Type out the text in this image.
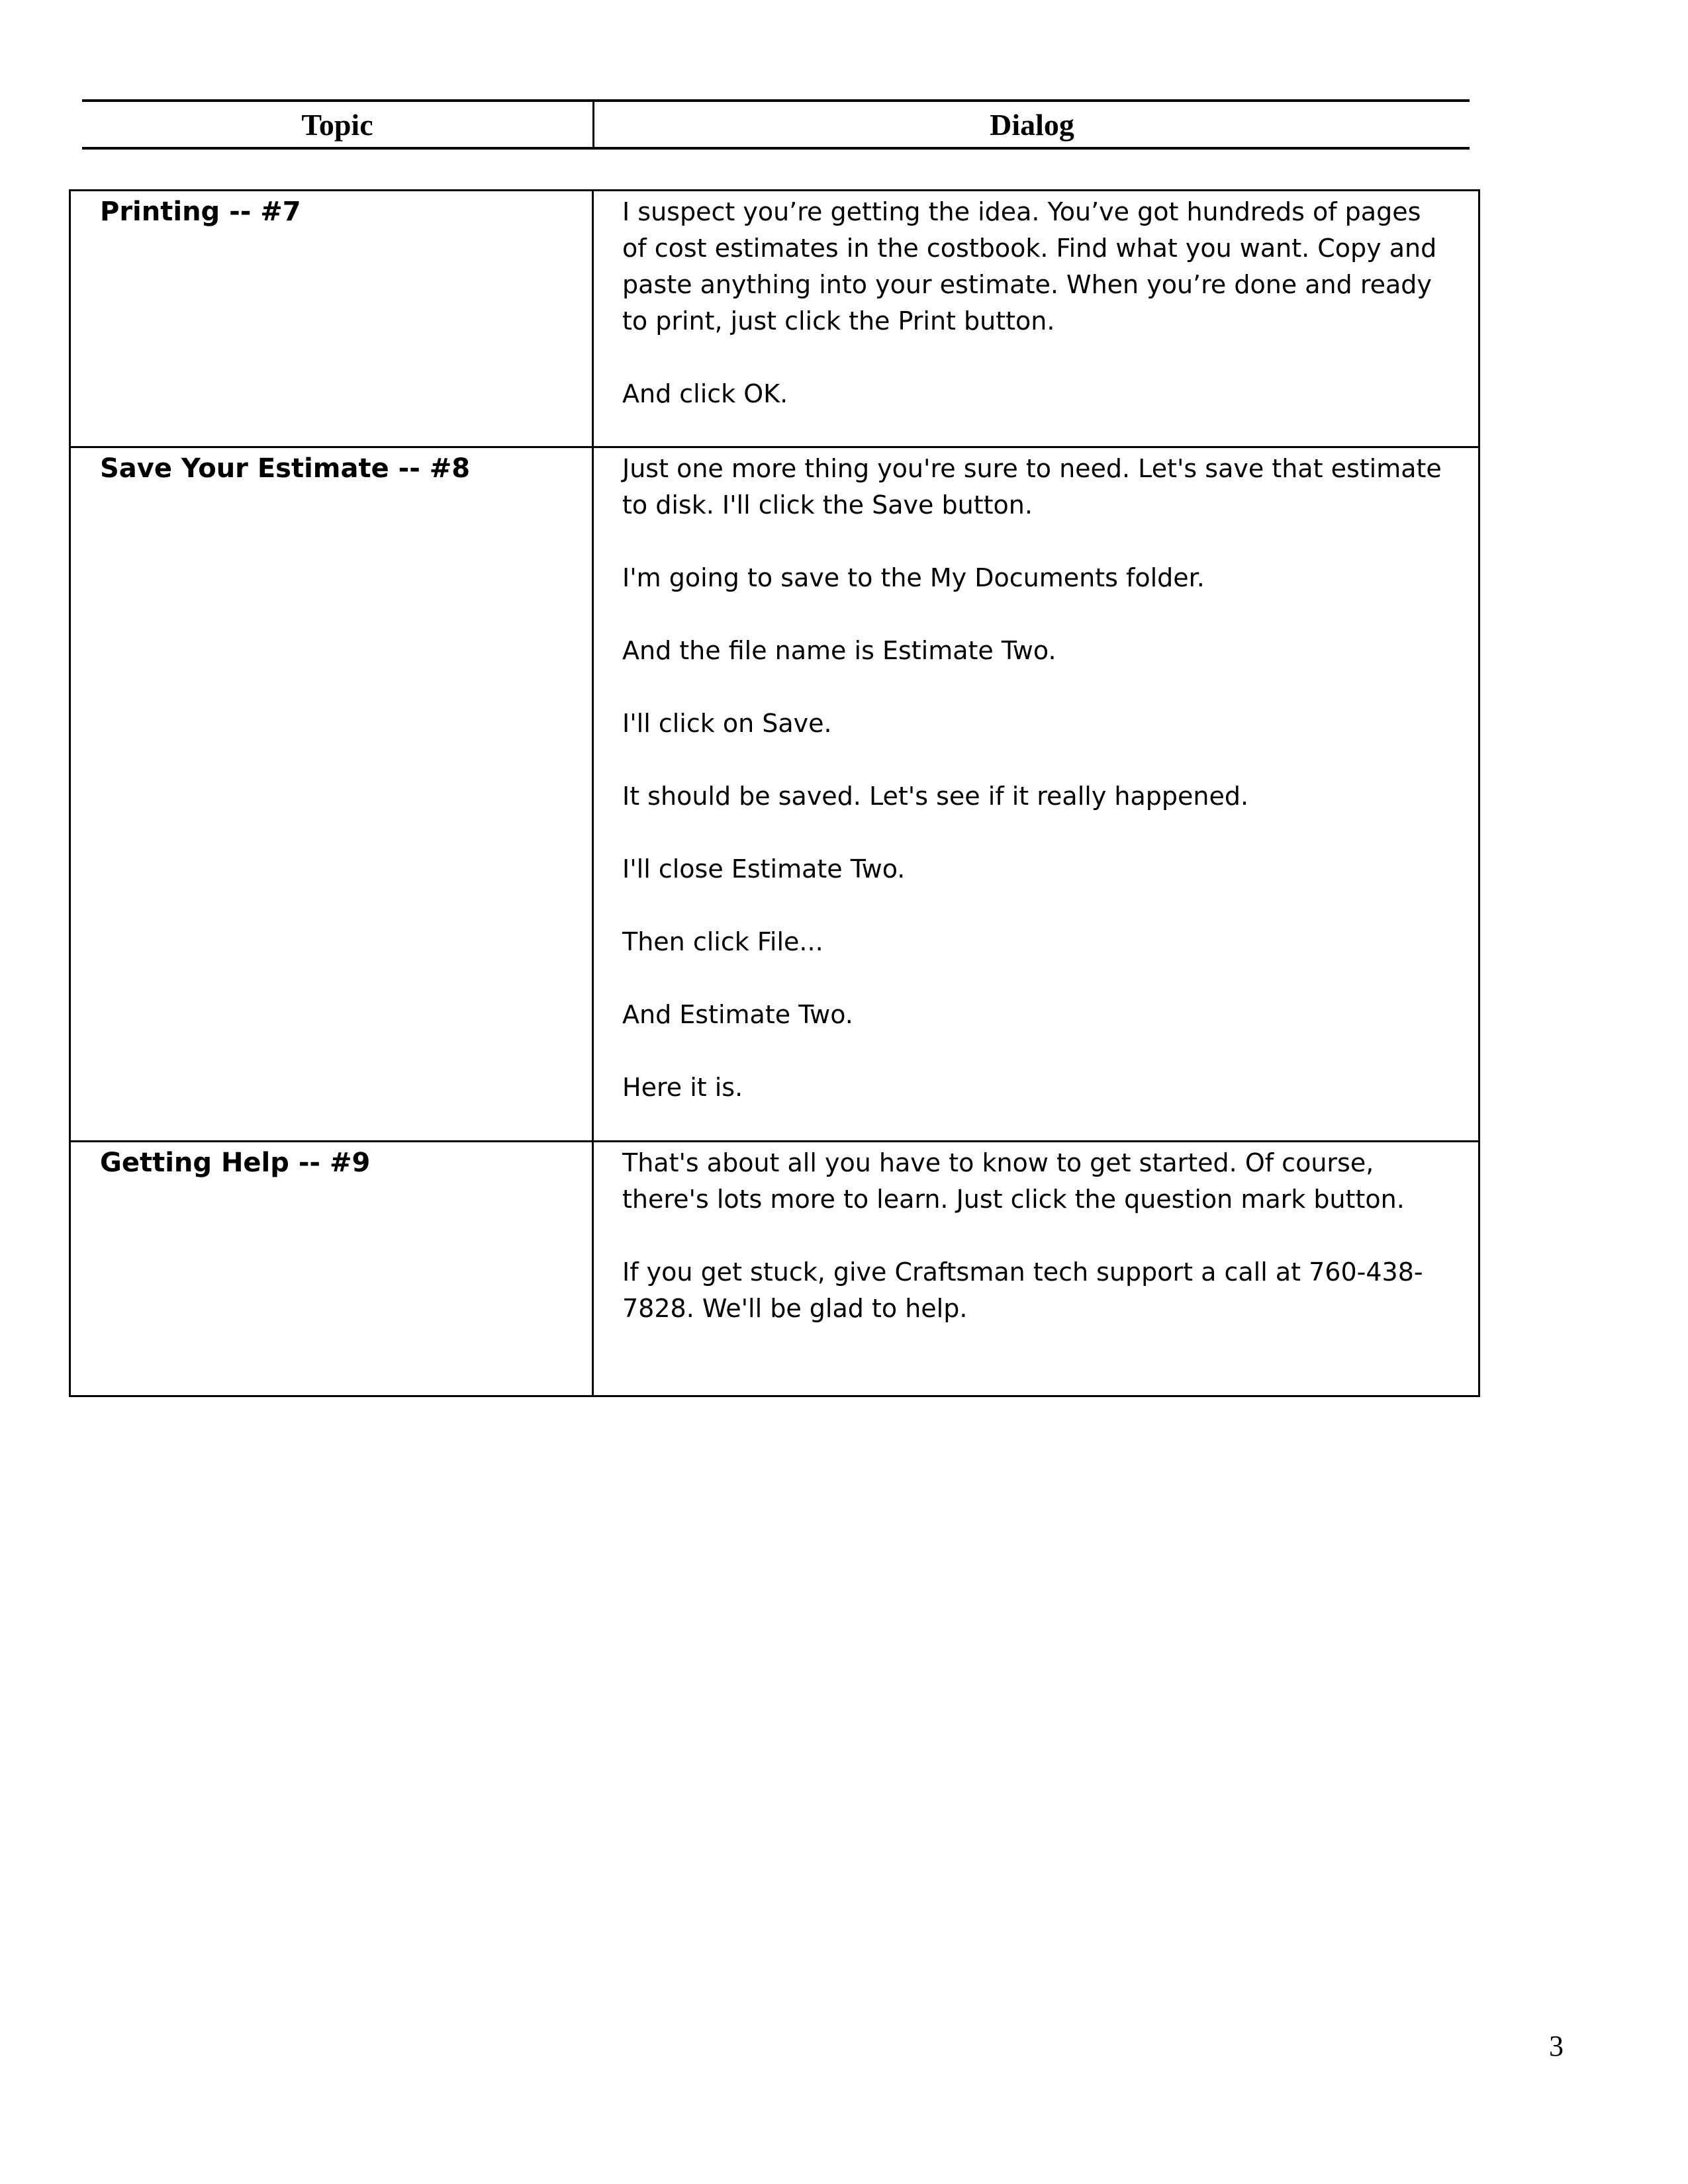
Topic	Dialog
Printing -- #7	I suspect you’re getting the idea. You’ve got hundreds of pages of cost estimates in the costbook. Find what you want. Copy and paste anything into your estimate. When you’re done and ready to print, just click the Print button.

And click OK.

Save Your Estimate -- #8	Just one more thing you're sure to need. Let's save that estimate to disk. I'll click the Save button.

I'm going to save to the My Documents folder.

And the file name is Estimate Two.

I'll click on Save.

It should be saved. Let's see if it really happened.

I'll close Estimate Two.

Then click File...

And Estimate Two.

Here it is.

Getting Help -- #9	That's about all you have to know to get started. Of course, there's lots more to learn. Just click the question mark button.

If you get stuck, give Craftsman tech support a call at 760-438-7828. We'll be glad to help.

3
